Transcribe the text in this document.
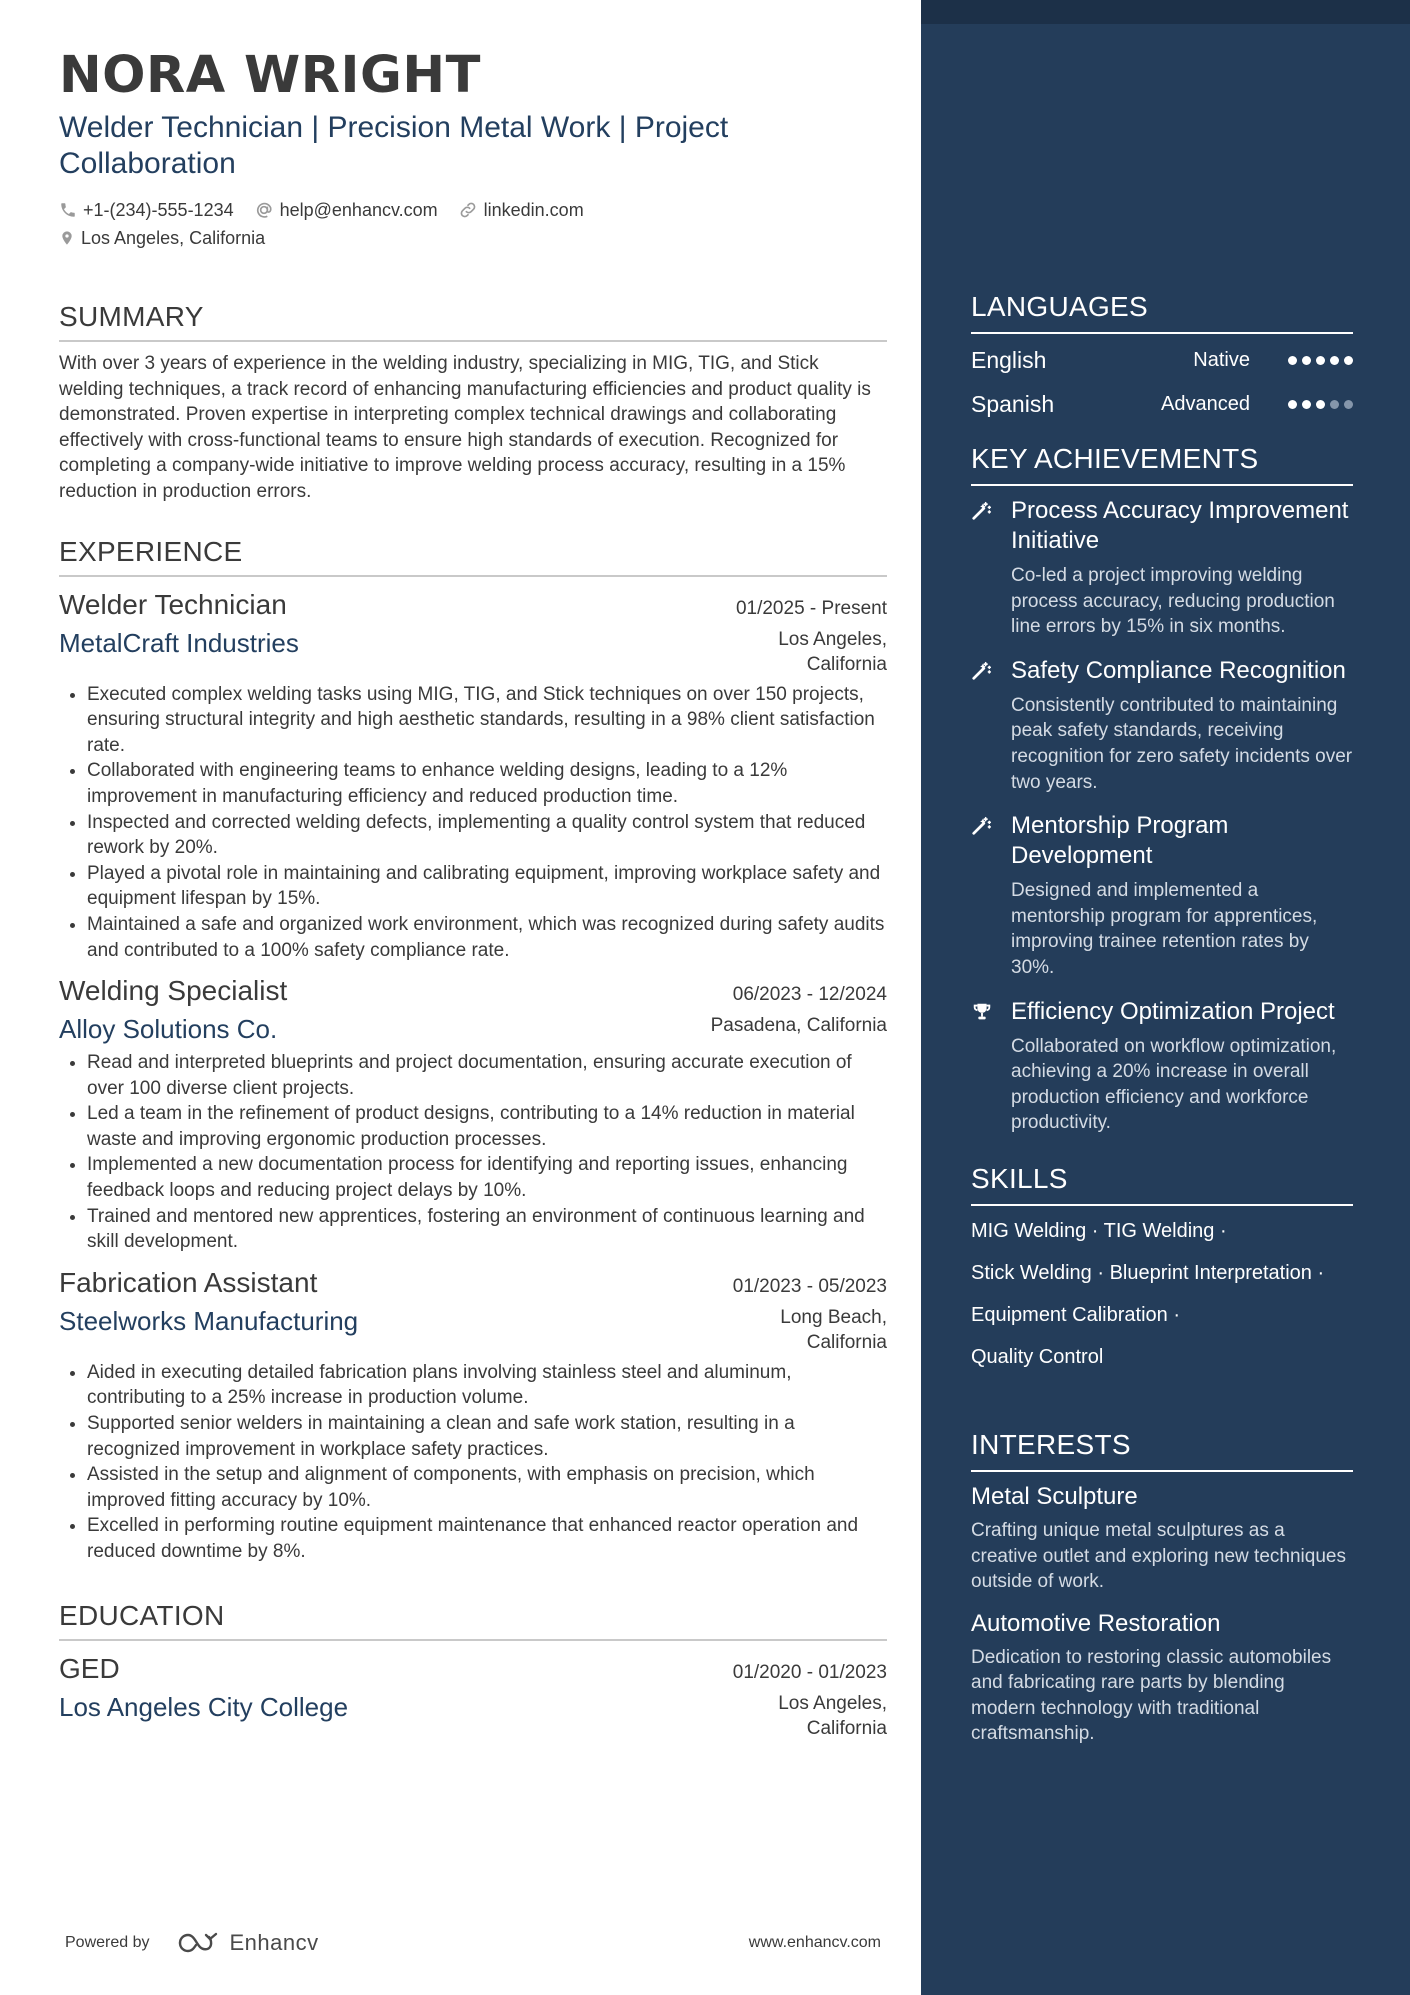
NORA WRIGHT
Welder Technician | Precision Metal Work | Project Collaboration
+1-(234)-555-1234	help@enhancv.com	linkedin.com
Los Angeles, California
SUMMARY
With over 3 years of experience in the welding industry, specializing in MIG, TIG, and Stick welding techniques, a track record of enhancing manufacturing efficiencies and product quality is demonstrated. Proven expertise in interpreting complex technical drawings and collaborating effectively with cross-functional teams to ensure high standards of execution. Recognized for completing a company-wide initiative to improve welding process accuracy, resulting in a 15% reduction in production errors.
EXPERIENCE
Welder Technician	01/2025 - Present
MetalCraft Industries	Los Angeles, California
• Executed complex welding tasks using MIG, TIG, and Stick techniques on over 150 projects, ensuring structural integrity and high aesthetic standards, resulting in a 98% client satisfaction rate.
• Collaborated with engineering teams to enhance welding designs, leading to a 12% improvement in manufacturing efficiency and reduced production time.
• Inspected and corrected welding defects, implementing a quality control system that reduced rework by 20%.
• Played a pivotal role in maintaining and calibrating equipment, improving workplace safety and equipment lifespan by 15%.
• Maintained a safe and organized work environment, which was recognized during safety audits and contributed to a 100% safety compliance rate.
Welding Specialist	06/2023 - 12/2024
Alloy Solutions Co.	Pasadena, California
• Read and interpreted blueprints and project documentation, ensuring accurate execution of over 100 diverse client projects.
• Led a team in the refinement of product designs, contributing to a 14% reduction in material waste and improving ergonomic production processes.
• Implemented a new documentation process for identifying and reporting issues, enhancing feedback loops and reducing project delays by 10%.
• Trained and mentored new apprentices, fostering an environment of continuous learning and skill development.
Fabrication Assistant	01/2023 - 05/2023
Steelworks Manufacturing	Long Beach, California
• Aided in executing detailed fabrication plans involving stainless steel and aluminum, contributing to a 25% increase in production volume.
• Supported senior welders in maintaining a clean and safe work station, resulting in a recognized improvement in workplace safety practices.
• Assisted in the setup and alignment of components, with emphasis on precision, which improved fitting accuracy by 10%.
• Excelled in performing routine equipment maintenance that enhanced reactor operation and reduced downtime by 8%.
EDUCATION
GED	01/2020 - 01/2023
Los Angeles City College	Los Angeles, California
Powered by	Enhancv	www.enhancv.com
LANGUAGES
English	Native
Spanish	Advanced
KEY ACHIEVEMENTS
Process Accuracy Improvement Initiative
Co-led a project improving welding process accuracy, reducing production line errors by 15% in six months.
Safety Compliance Recognition
Consistently contributed to maintaining peak safety standards, receiving recognition for zero safety incidents over two years.
Mentorship Program Development
Designed and implemented a mentorship program for apprentices, improving trainee retention rates by 30%.
Efficiency Optimization Project
Collaborated on workflow optimization, achieving a 20% increase in overall production efficiency and workforce productivity.
SKILLS
MIG Welding · TIG Welding ·
Stick Welding · Blueprint Interpretation ·
Equipment Calibration ·
Quality Control
INTERESTS
Metal Sculpture
Crafting unique metal sculptures as a creative outlet and exploring new techniques outside of work.
Automotive Restoration
Dedication to restoring classic automobiles and fabricating rare parts by blending modern technology with traditional craftsmanship.
